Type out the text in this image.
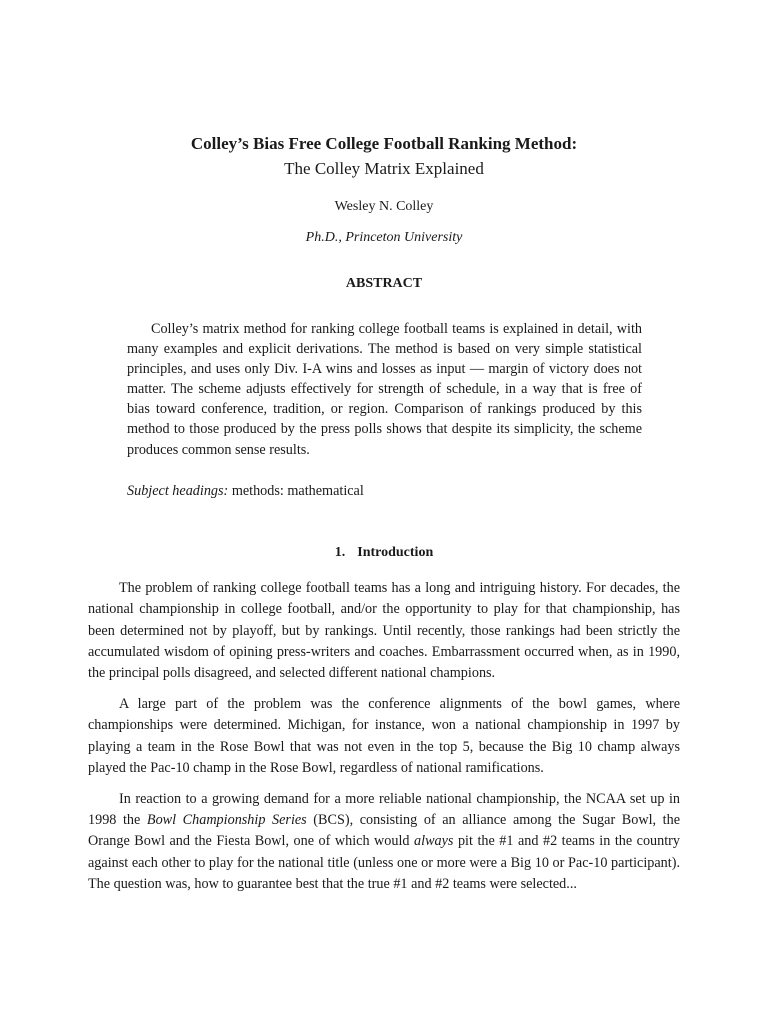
Colley’s Bias Free College Football Ranking Method:
The Colley Matrix Explained
Wesley N. Colley
Ph.D., Princeton University
ABSTRACT

Colley’s matrix method for ranking college football teams is explained in detail, with many examples and explicit derivations. The method is based on very simple statistical principles, and uses only Div. I-A wins and losses as input — margin of victory does not matter. The scheme adjusts effectively for strength of schedule, in a way that is free of bias toward conference, tradition, or region. Comparison of rankings produced by this method to those produced by the press polls shows that despite its simplicity, the scheme produces common sense results.

Subject headings: methods: mathematical

1. Introduction

The problem of ranking college football teams has a long and intriguing history. For decades, the national championship in college football, and/or the opportunity to play for that championship, has been determined not by playoff, but by rankings. Until recently, those rankings had been strictly the accumulated wisdom of opining press-writers and coaches. Embarrassment occurred when, as in 1990, the principal polls disagreed, and selected different national champions.

A large part of the problem was the conference alignments of the bowl games, where championships were determined. Michigan, for instance, won a national championship in 1997 by playing a team in the Rose Bowl that was not even in the top 5, because the Big 10 champ always played the Pac-10 champ in the Rose Bowl, regardless of national ramifications.

In reaction to a growing demand for a more reliable national championship, the NCAA set up in 1998 the Bowl Championship Series (BCS), consisting of an alliance among the Sugar Bowl, the Orange Bowl and the Fiesta Bowl, one of which would always pit the #1 and #2 teams in the country against each other to play for the national title (unless one or more were a Big 10 or Pac-10 participant). The question was, how to guarantee best that the true #1 and #2 teams were selected...
